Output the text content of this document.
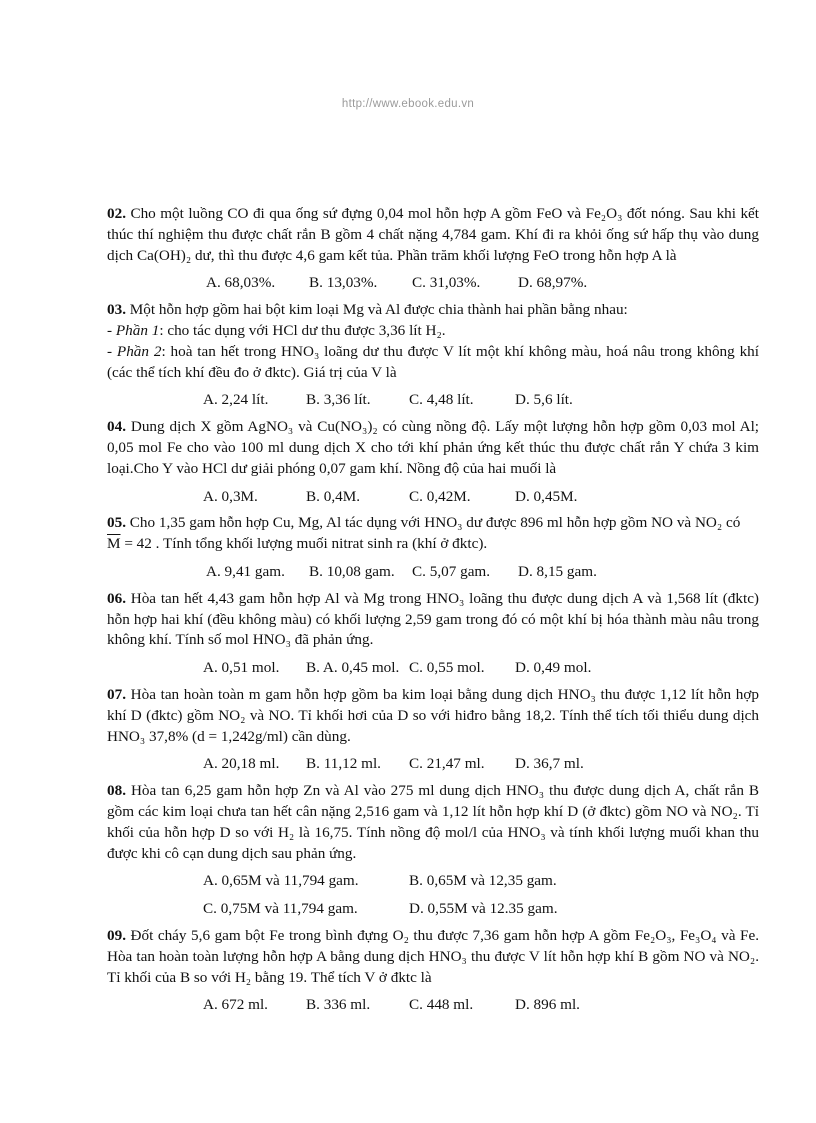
http://www.ebook.edu.vn

02. Cho một luồng CO đi qua ống sứ đựng 0,04 mol hỗn hợp A gồm FeO và Fe₂O₃ đốt nóng. Sau khi kết thúc thí nghiệm thu được chất rắn B gồm 4 chất nặng 4,784 gam. Khí đi ra khỏi ống sứ hấp thụ vào dung dịch Ca(OH)₂ dư, thì thu được 4,6 gam kết tủa. Phần trăm khối lượng FeO trong hỗn hợp A là

A. 68,03%.	B. 13,03%.	C. 31,03%.	D. 68,97%.

03. Một hỗn hợp gồm hai bột kim loại Mg và Al được chia thành hai phần bằng nhau:

- Phần 1: cho tác dụng với HCl dư thu được 3,36 lít H₂.

- Phần 2: hoà tan hết trong HNO₃ loãng dư thu được V lít một khí không màu, hoá nâu trong không khí (các thể tích khí đều đo ở đktc). Giá trị của V là

A. 2,24 lít.	B. 3,36 lít.	C. 4,48 lít.	D. 5,6 lít.

04. Dung dịch X gồm AgNO₃ và Cu(NO₃)₂ có cùng nồng độ. Lấy một lượng hỗn hợp gồm 0,03 mol Al; 0,05 mol Fe cho vào 100 ml dung dịch X cho tới khí phản ứng kết thúc thu được chất rắn Y chứa 3 kim loại.Cho Y vào HCl dư giải phóng 0,07 gam khí. Nồng độ của hai muối là

A. 0,3M.	B. 0,4M.	C. 0,42M.	D. 0,45M.

05. Cho 1,35 gam hỗn hợp Cu, Mg, Al tác dụng với HNO₃ dư được 896 ml hỗn hợp gồm NO và NO₂ có
$\overline{M} = 42$ . Tính tổng khối lượng muối nitrat sinh ra (khí ở đktc).

A. 9,41 gam.	B. 10,08 gam.	C. 5,07 gam.	D. 8,15 gam.

06. Hòa tan hết 4,43 gam hỗn hợp Al và Mg trong HNO₃ loãng thu được dung dịch A và 1,568 lít (đktc) hỗn hợp hai khí (đều không màu) có khối lượng 2,59 gam trong đó có một khí bị hóa thành màu nâu trong không khí. Tính số mol HNO₃ đã phản ứng.

A. 0,51 mol.	B. A. 0,45 mol. C. 0,55 mol.	D. 0,49 mol.

07. Hòa tan hoàn toàn m gam hỗn hợp gồm ba kim loại bằng dung dịch HNO₃ thu được 1,12 lít hỗn hợp khí D (đktc) gồm NO₂ và NO. Tỉ khối hơi của D so với hiđro bằng 18,2. Tính thể tích tối thiểu dung dịch HNO₃ 37,8% (d = 1,242g/ml) cần dùng.

A. 20,18 ml.	B. 11,12 ml.	C. 21,47 ml.	D. 36,7 ml.

08. Hòa tan 6,25 gam hỗn hợp Zn và Al vào 275 ml dung dịch HNO₃ thu được dung dịch A, chất rắn B gồm các kim loại chưa tan hết cân nặng 2,516 gam và 1,12 lít hỗn hợp khí D (ở đktc) gồm NO và NO₂. Tỉ khối của hỗn hợp D so với H₂ là 16,75. Tính nồng độ mol/l của HNO₃ và tính khối lượng muối khan thu được khi cô cạn dung dịch sau phản ứng.

A. 0,65M và 11,794 gam.	B. 0,65M và 12,35 gam.
C. 0,75M và 11,794 gam.	D. 0,55M và 12.35 gam.

09. Đốt cháy 5,6 gam bột Fe trong bình đựng O₂ thu được 7,36 gam hỗn hợp A gồm Fe₂O₃, Fe₃O₄ và Fe. Hòa tan hoàn toàn lượng hỗn hợp A bằng dung dịch HNO₃ thu được V lít hỗn hợp khí B gồm NO và NO₂. Tỉ khối của B so với H₂ bằng 19. Thể tích V ở đktc là

A. 672 ml.	B. 336 ml.	C. 448 ml.	D. 896 ml.
